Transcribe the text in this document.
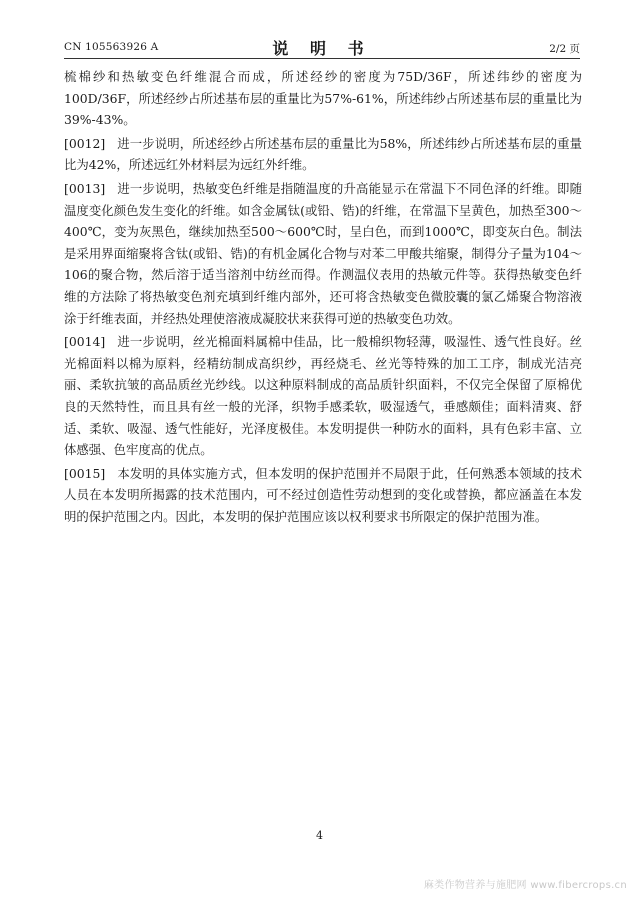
CN 105563926 A	说 明 书	2/2 页

梳棉纱和热敏变色纤维混合而成，所述经纱的密度为75D/36F，所述纬纱的密度为100D/36F，所述经纱占所述基布层的重量比为57%-61%，所述纬纱占所述基布层的重量比为39%-43%。

[0012] 进一步说明，所述经纱占所述基布层的重量比为58%，所述纬纱占所述基布层的重量比为42%，所述远红外材料层为远红外纤维。

[0013] 进一步说明，热敏变色纤维是指随温度的升高能显示在常温下不同色泽的纤维。即随温度变化颜色发生变化的纤维。如含金属钛(或铅、锆)的纤维，在常温下呈黄色，加热至300～400℃，变为灰黑色，继续加热至500～600℃时，呈白色，而到1000℃，即变灰白色。制法是采用界面缩聚将含钛(或铅、锆)的有机金属化合物与对苯二甲酸共缩聚，制得分子量为104～106的聚合物，然后溶于适当溶剂中纺丝而得。作测温仪表用的热敏元件等。获得热敏变色纤维的方法除了将热敏变色剂充填到纤维内部外，还可将含热敏变色微胶囊的氯乙烯聚合物溶液涂于纤维表面，并经热处理使溶液成凝胶状来获得可逆的热敏变色功效。

[0014] 进一步说明，丝光棉面料属棉中佳品，比一般棉织物轻薄，吸湿性、透气性良好。丝光棉面料以棉为原料，经精纺制成高织纱，再经烧毛、丝光等特殊的加工工序，制成光洁亮丽、柔软抗皱的高品质丝光纱线。以这种原料制成的高品质针织面料，不仅完全保留了原棉优良的天然特性，而且具有丝一般的光泽，织物手感柔软，吸湿透气，垂感颇佳；面料清爽、舒适、柔软、吸湿、透气性能好，光泽度极佳。本发明提供一种防水的面料，具有色彩丰富、立体感强、色牢度高的优点。

[0015] 本发明的具体实施方式，但本发明的保护范围并不局限于此，任何熟悉本领域的技术人员在本发明所揭露的技术范围内，可不经过创造性劳动想到的变化或替换，都应涵盖在本发明的保护范围之内。因此，本发明的保护范围应该以权利要求书所限定的保护范围为准。

4
麻类作物营养与施肥网 www.fibercrops.cn
